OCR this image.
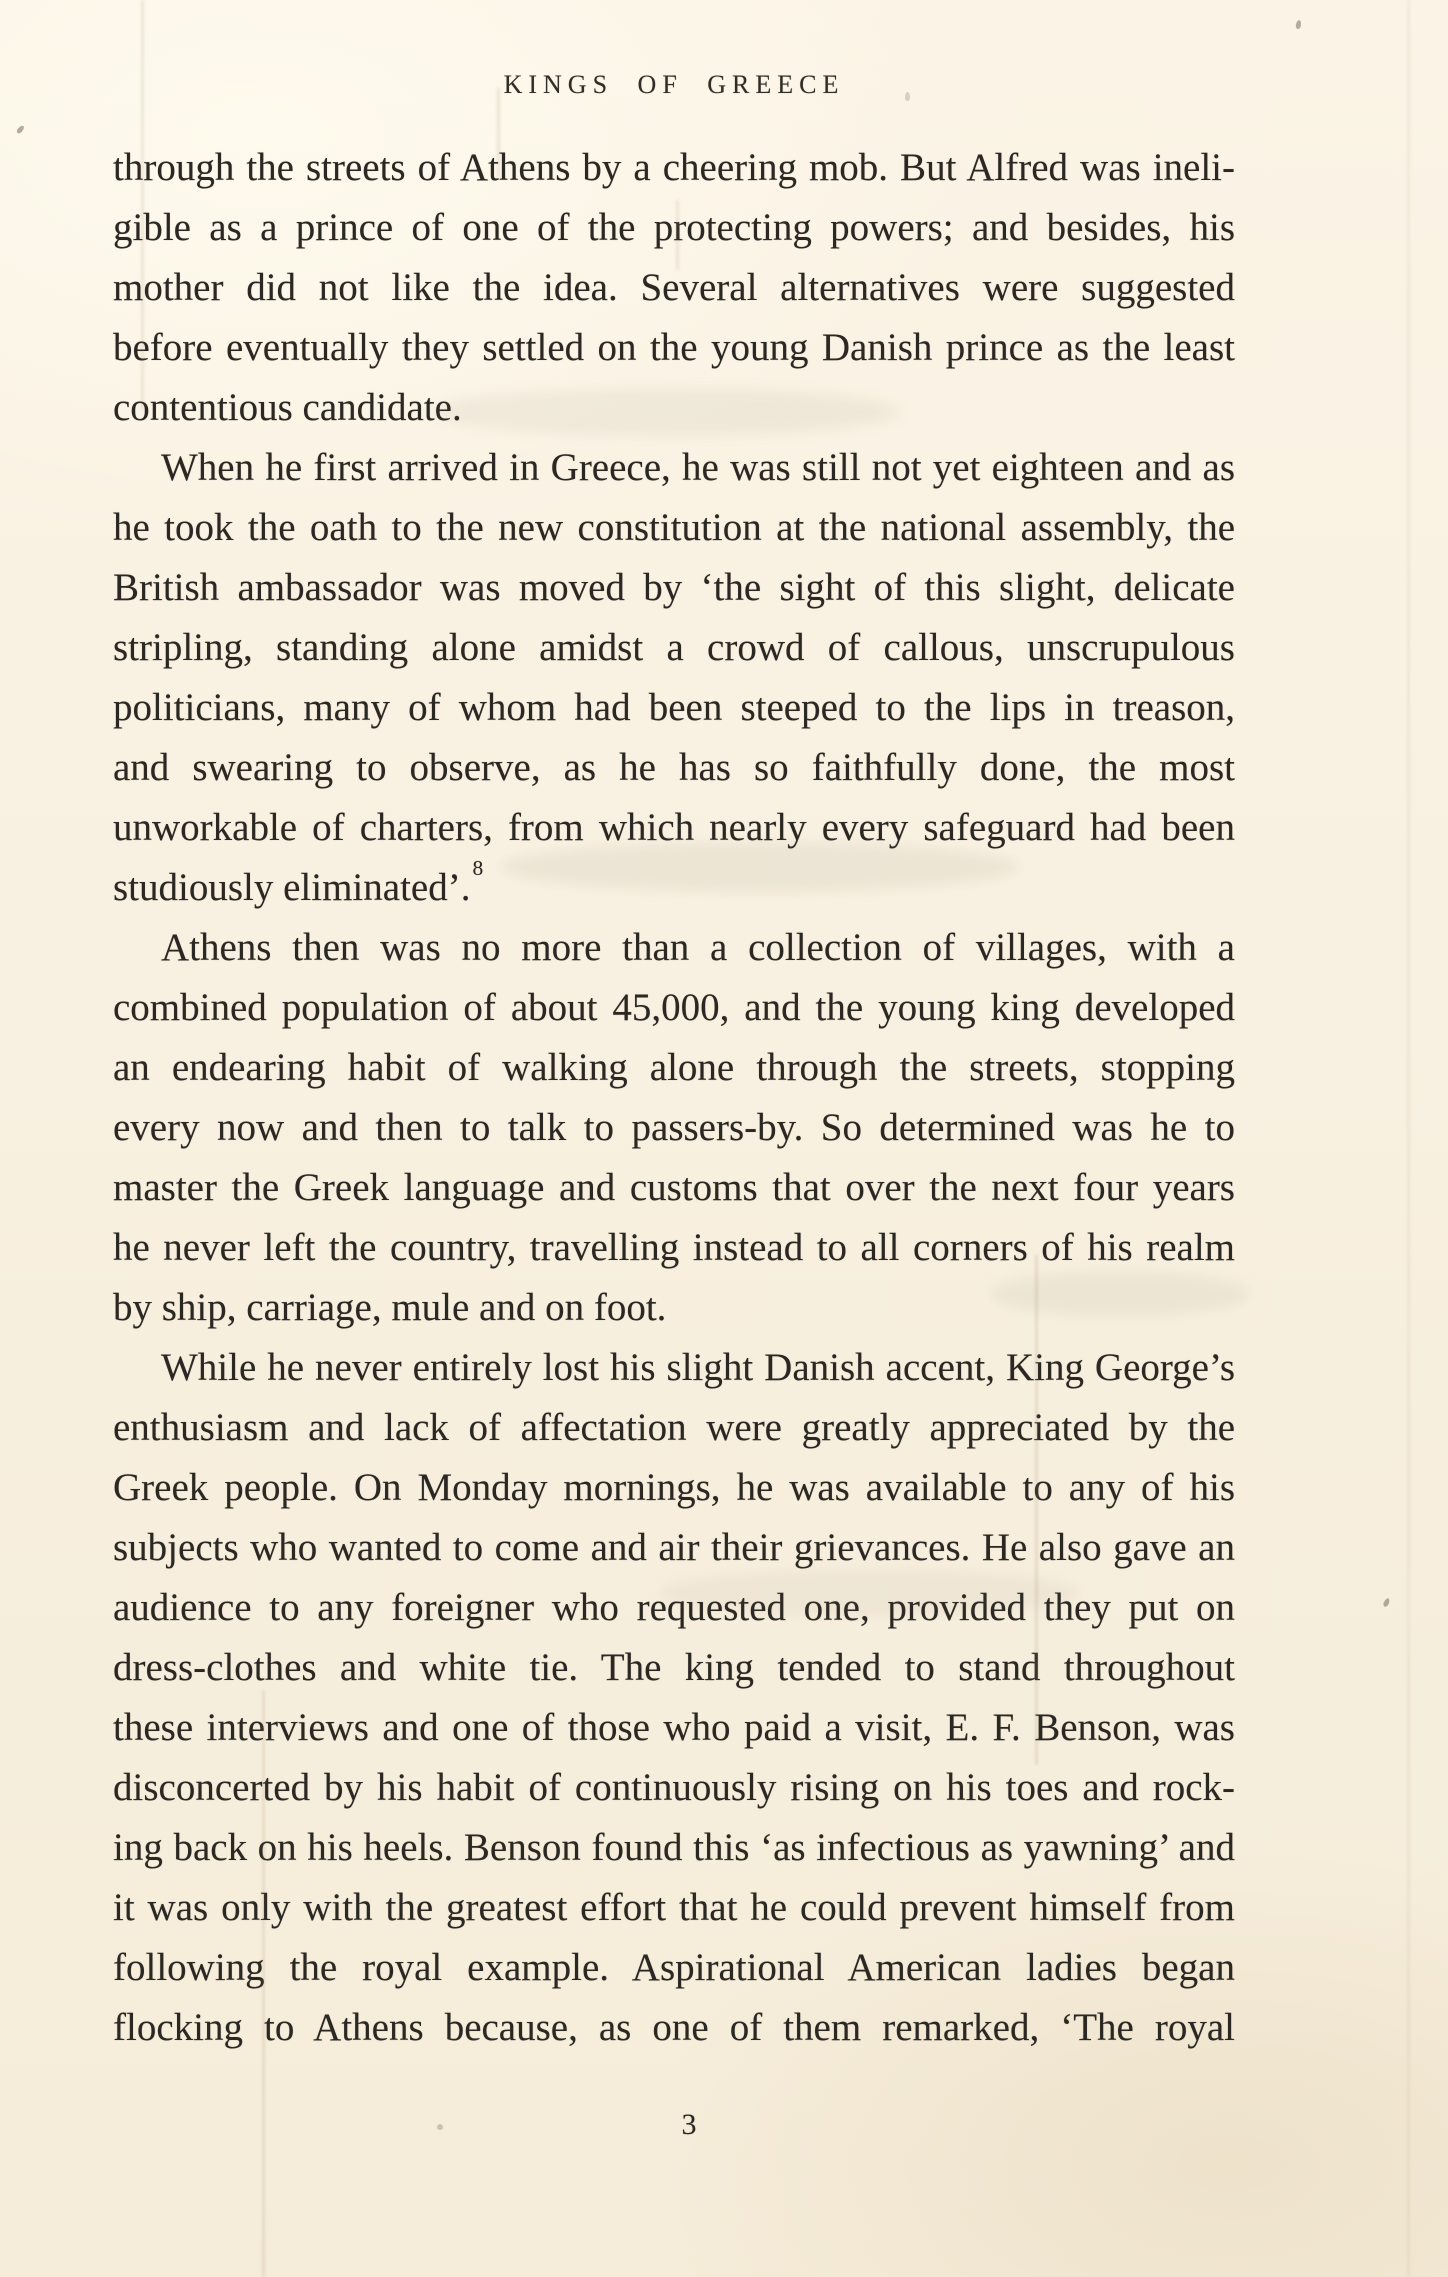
KINGS OF GREECE
through the streets of Athens by a cheering mob. But Alfred was ineli-
gible as a prince of one of the protecting powers; and besides, his
mother did not like the idea. Several alternatives were suggested
before eventually they settled on the young Danish prince as the least
contentious candidate.
When he first arrived in Greece, he was still not yet eighteen and as
he took the oath to the new constitution at the national assembly, the
British ambassador was moved by ‘the sight of this slight, delicate
stripling, standing alone amidst a crowd of callous, unscrupulous
politicians, many of whom had been steeped to the lips in treason,
and swearing to observe, as he has so faithfully done, the most
unworkable of charters, from which nearly every safeguard had been
studiously eliminated’.$^8$
Athens then was no more than a collection of villages, with a
combined population of about 45,000, and the young king developed
an endearing habit of walking alone through the streets, stopping
every now and then to talk to passers-by. So determined was he to
master the Greek language and customs that over the next four years
he never left the country, travelling instead to all corners of his realm
by ship, carriage, mule and on foot.
While he never entirely lost his slight Danish accent, King George’s
enthusiasm and lack of affectation were greatly appreciated by the
Greek people. On Monday mornings, he was available to any of his
subjects who wanted to come and air their grievances. He also gave an
audience to any foreigner who requested one, provided they put on
dress-clothes and white tie. The king tended to stand throughout
these interviews and one of those who paid a visit, E. F. Benson, was
disconcerted by his habit of continuously rising on his toes and rock-
ing back on his heels. Benson found this ‘as infectious as yawning’ and
it was only with the greatest effort that he could prevent himself from
following the royal example. Aspirational American ladies began
flocking to Athens because, as one of them remarked, ‘The royal
3
